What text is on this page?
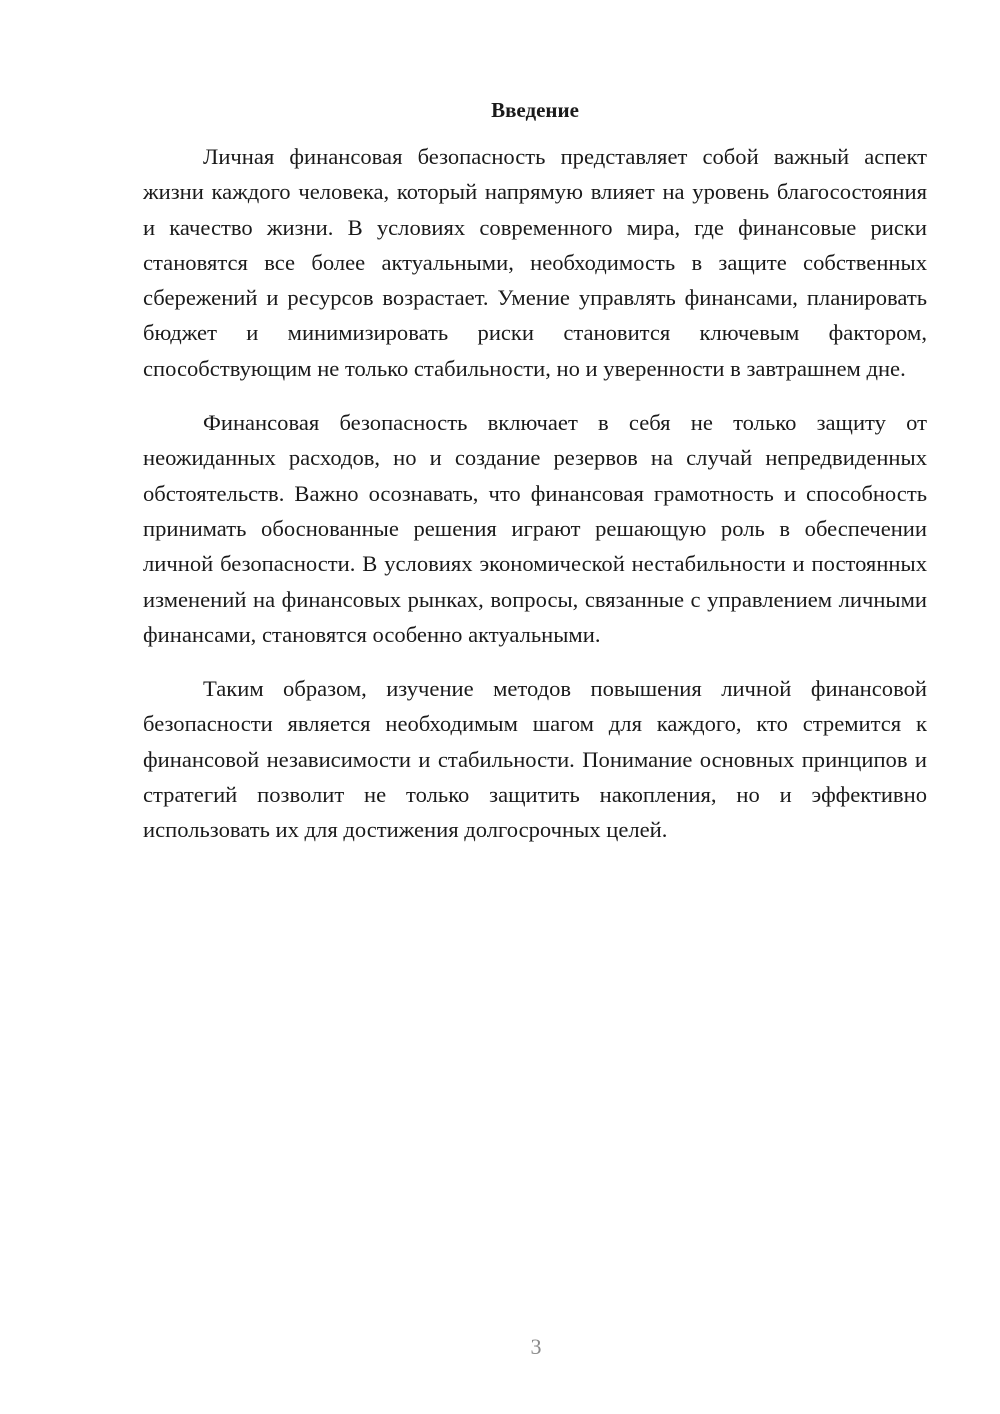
Введение

Личная финансовая безопасность представляет собой важный аспект жизни каждого человека, который напрямую влияет на уровень благосостояния и качество жизни. В условиях современного мира, где финансовые риски становятся все более актуальными, необходимость в защите собственных сбережений и ресурсов возрастает. Умение управлять финансами, планировать бюджет и минимизировать риски становится ключевым фактором, способствующим не только стабильности, но и уверенности в завтрашнем дне.

Финансовая безопасность включает в себя не только защиту от неожиданных расходов, но и создание резервов на случай непредвиденных обстоятельств. Важно осознавать, что финансовая грамотность и способность принимать обоснованные решения играют решающую роль в обеспечении личной безопасности. В условиях экономической нестабильности и постоянных изменений на финансовых рынках, вопросы, связанные с управлением личными финансами, становятся особенно актуальными.

Таким образом, изучение методов повышения личной финансовой безопасности является необходимым шагом для каждого, кто стремится к финансовой независимости и стабильности. Понимание основных принципов и стратегий позволит не только защитить накопления, но и эффективно использовать их для достижения долгосрочных целей.

3
